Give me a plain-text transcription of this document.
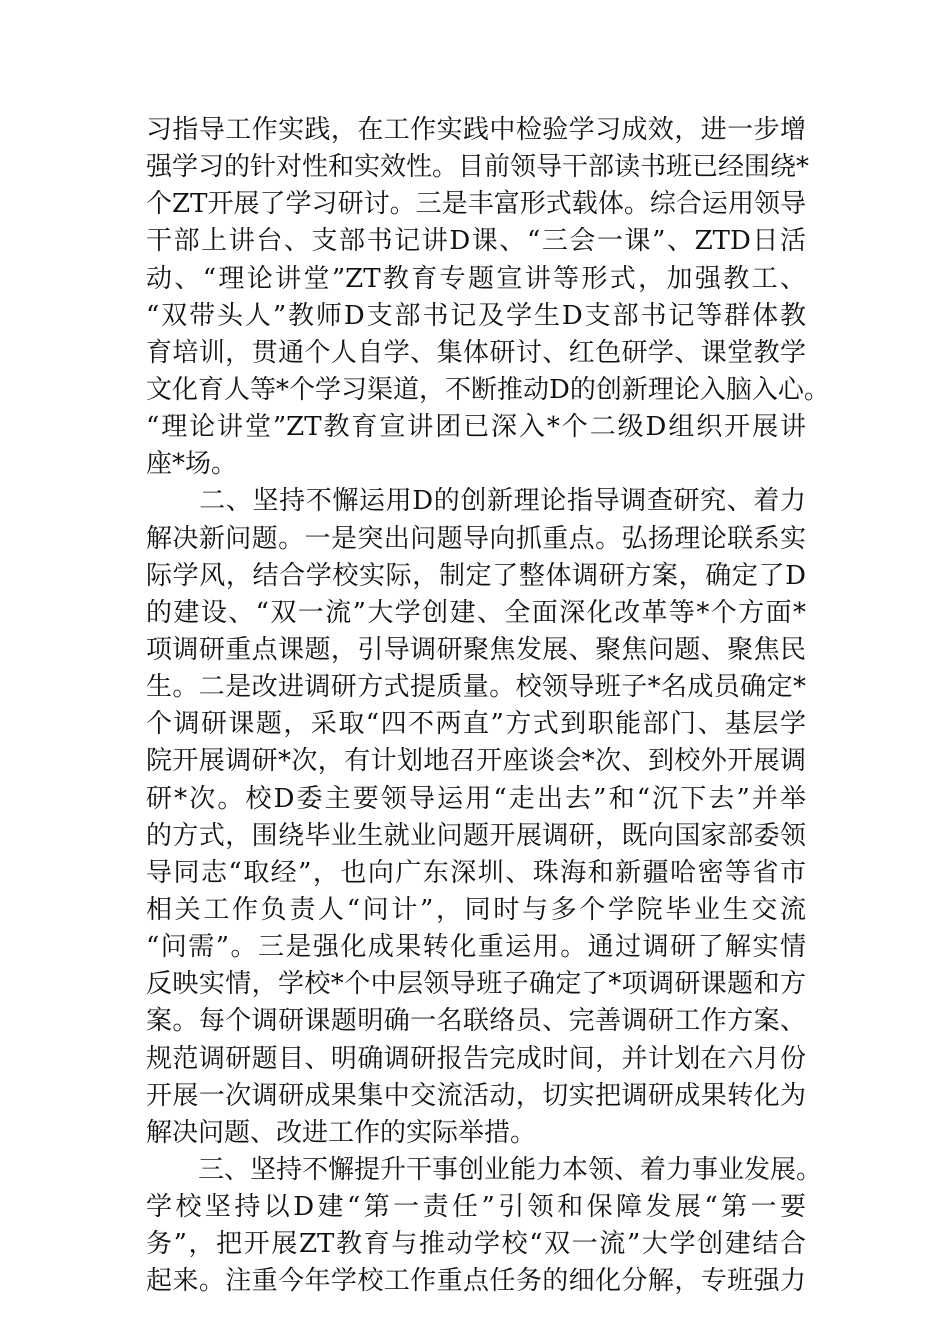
习指导工作实践，在工作实践中检验学习成效，进一步增
强学习的针对性和实效性。目前领导干部读书班已经围绕*
个ZT开展了学习研讨。三是丰富形式载体。综合运用领导
干部上讲台、支部书记讲D课、“三会一课”、ZTD日活
动、“理论讲堂”ZT教育专题宣讲等形式，加强教工、
“双带头人”教师D支部书记及学生D支部书记等群体教
育培训，贯通个人自学、集体研讨、红色研学、课堂教学
文化育人等*个学习渠道，不断推动D的创新理论入脑入心。
“理论讲堂”ZT教育宣讲团已深入*个二级D组织开展讲
座*场。
　　二、坚持不懈运用D的创新理论指导调查研究、着力
解决新问题。一是突出问题导向抓重点。弘扬理论联系实
际学风，结合学校实际，制定了整体调研方案，确定了D
的建设、“双一流”大学创建、全面深化改革等*个方面*
项调研重点课题，引导调研聚焦发展、聚焦问题、聚焦民
生。二是改进调研方式提质量。校领导班子*名成员确定*
个调研课题，采取“四不两直”方式到职能部门、基层学
院开展调研*次，有计划地召开座谈会*次、到校外开展调
研*次。校D委主要领导运用“走出去”和“沉下去”并举
的方式，围绕毕业生就业问题开展调研，既向国家部委领
导同志“取经”，也向广东深圳、珠海和新疆哈密等省市
相关工作负责人“问计”，同时与多个学院毕业生交流
“问需”。三是强化成果转化重运用。通过调研了解实情
反映实情，学校*个中层领导班子确定了*项调研课题和方
案。每个调研课题明确一名联络员、完善调研工作方案、
规范调研题目、明确调研报告完成时间，并计划在六月份
开展一次调研成果集中交流活动，切实把调研成果转化为
解决问题、改进工作的实际举措。
　　三、坚持不懈提升干事创业能力本领、着力事业发展。
学校坚持以D建“第一责任”引领和保障发展“第一要
务”，把开展ZT教育与推动学校“双一流”大学创建结合
起来。注重今年学校工作重点任务的细化分解，专班强力
